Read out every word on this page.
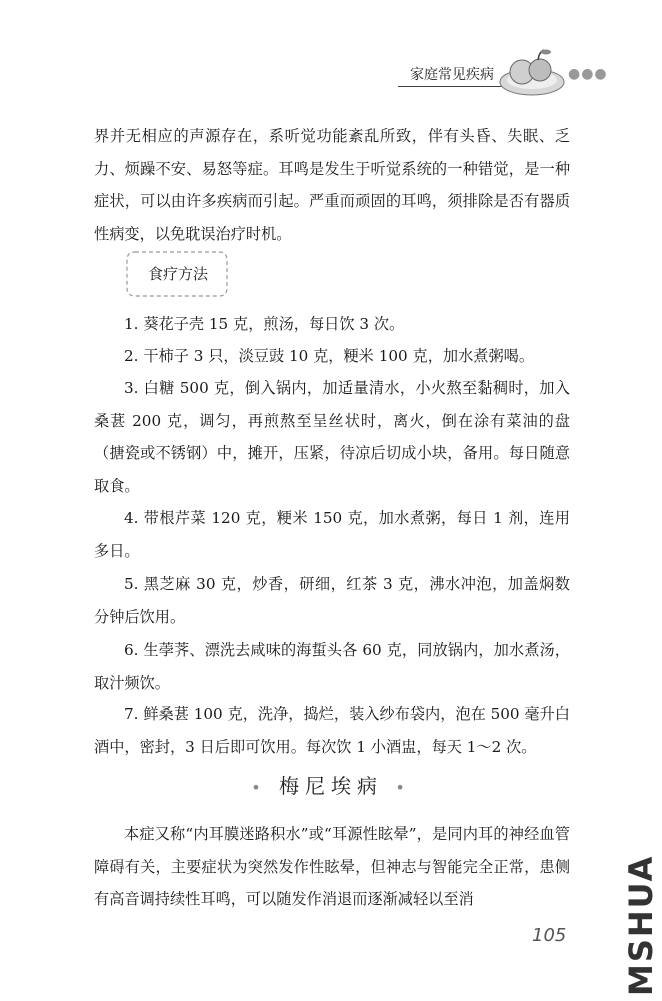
家庭常见疾病	●●●

界并无相应的声源存在，系听觉功能紊乱所致，伴有头昏、失眠、乏力、烦躁不安、易怒等症。耳鸣是发生于听觉系统的一种错觉，是一种症状，可以由许多疾病而引起。严重而顽固的耳鸣，须排除是否有器质性病变，以免耽误治疗时机。

食疗方法

1. 葵花子壳 15 克，煎汤，每日饮 3 次。

2. 干柿子 3 只，淡豆豉 10 克，粳米 100 克，加水煮粥喝。

3. 白糖 500 克，倒入锅内，加适量清水，小火熬至黏稠时，加入桑葚 200 克，调匀，再煎熬至呈丝状时，离火，倒在涂有菜油的盘（搪瓷或不锈钢）中，摊开，压紧，待凉后切成小块，备用。每日随意取食。

4. 带根芹菜 120 克，粳米 150 克，加水煮粥，每日 1 剂，连用多日。

5. 黑芝麻 30 克，炒香，研细，红茶 3 克，沸水冲泡，加盖焖数分钟后饮用。

6. 生荸荠、漂洗去咸味的海蜇头各 60 克，同放锅内，加水煮汤，取汁频饮。

7. 鲜桑葚 100 克，洗净，捣烂，装入纱布袋内，泡在 500 毫升白酒中，密封，3 日后即可饮用。每次饮 1 小酒盅，每天 1～2 次。

• 梅尼埃病 •

本症又称“内耳膜迷路积水”或“耳源性眩晕”，是同内耳的神经血管障碍有关，主要症状为突然发作性眩晕，但神志与智能完全正常，患侧有高音调持续性耳鸣，可以随发作消退而逐渐减轻以至消

105 MSHUA
